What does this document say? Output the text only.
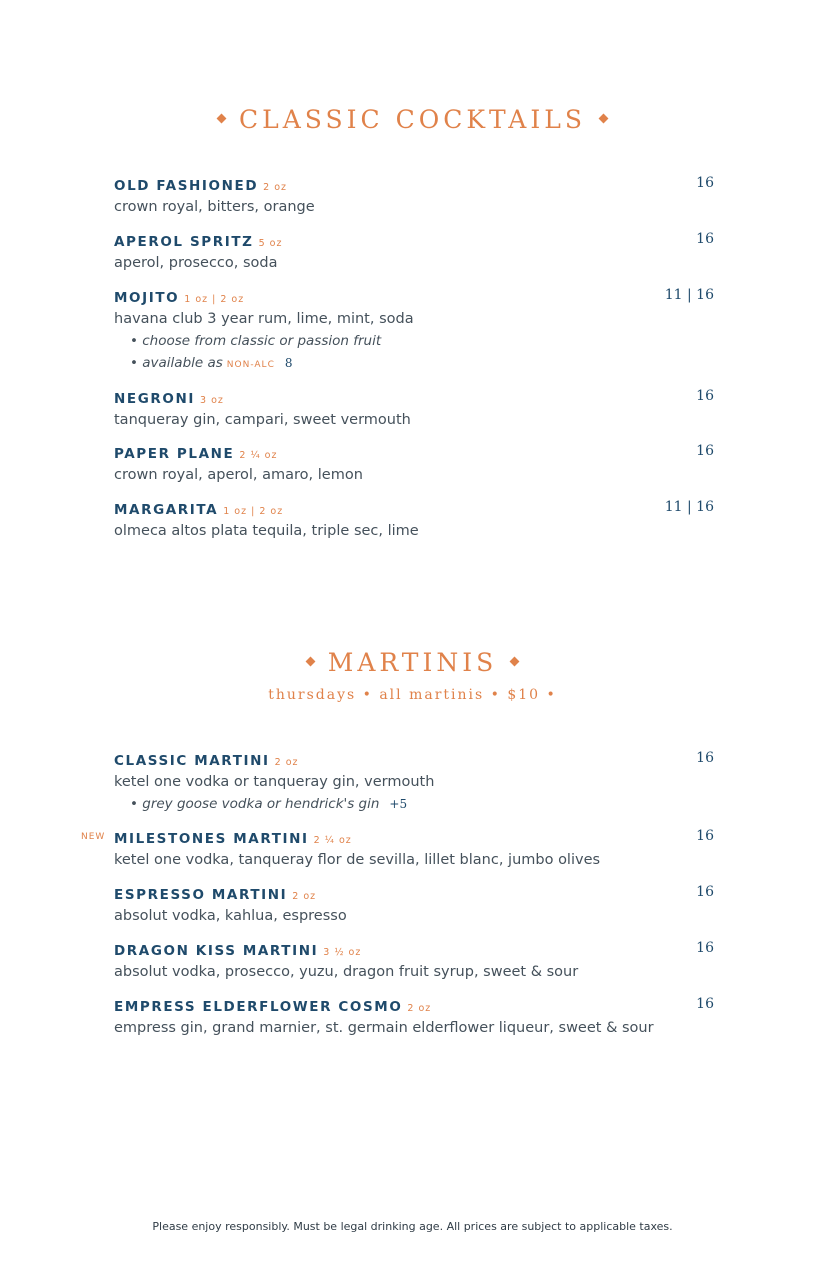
CLASSIC COCKTAILS
OLD FASHIONED 2 oz	16
crown royal, bitters, orange
APEROL SPRITZ 5 oz	16
aperol, prosecco, soda
MOJITO 1 oz | 2 oz	11 | 16
havana club 3 year rum, lime, mint, soda
• choose from classic or passion fruit
• available as NON-ALC 8
NEGRONI 3 oz	16
tanqueray gin, campari, sweet vermouth
PAPER PLANE 2 ¼ oz	16
crown royal, aperol, amaro, lemon
MARGARITA 1 oz | 2 oz	11 | 16
olmeca altos plata tequila, triple sec, lime
MARTINIS
thursdays • all martinis • $10 •
CLASSIC MARTINI 2 oz	16
ketel one vodka or tanqueray gin, vermouth
• grey goose vodka or hendrick's gin +5
NEW MILESTONES MARTINI 2 ¼ oz	16
ketel one vodka, tanqueray flor de sevilla, lillet blanc, jumbo olives
ESPRESSO MARTINI 2 oz	16
absolut vodka, kahlua, espresso
DRAGON KISS MARTINI 3 ½ oz	16
absolut vodka, prosecco, yuzu, dragon fruit syrup, sweet & sour
EMPRESS ELDERFLOWER COSMO 2 oz	16
empress gin, grand marnier, st. germain elderflower liqueur, sweet & sour
Please enjoy responsibly. Must be legal drinking age. All prices are subject to applicable taxes.
